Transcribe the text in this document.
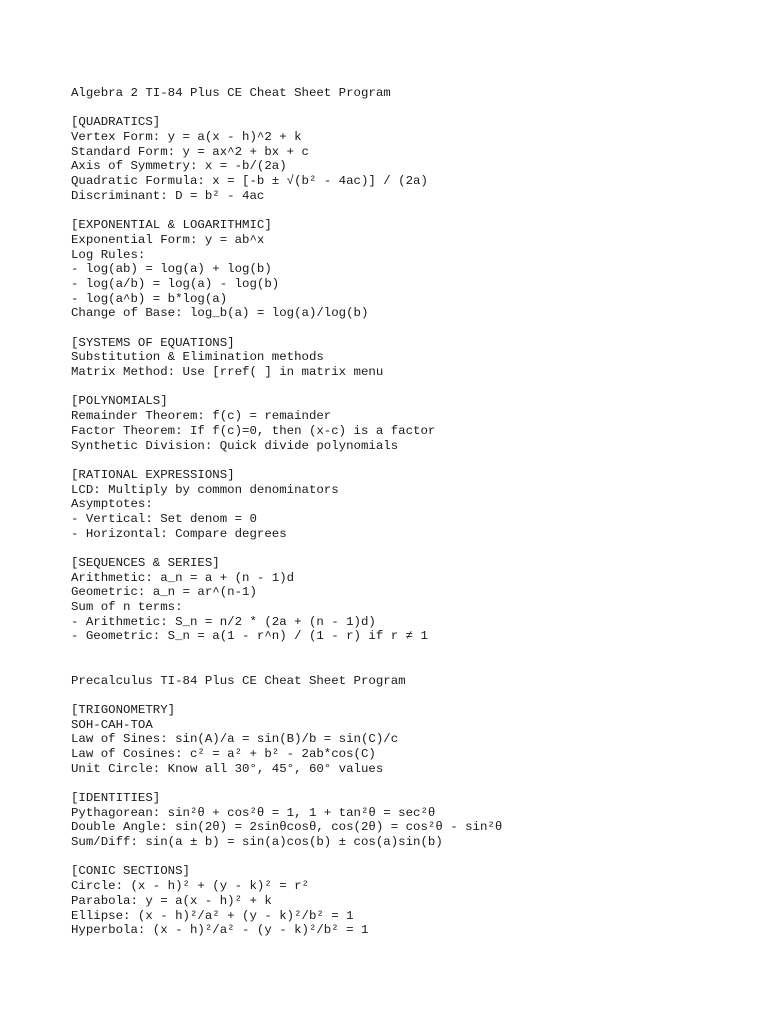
Algebra 2 TI-84 Plus CE Cheat Sheet Program
[QUADRATICS]
Vertex Form: y = a(x - h)^2 + k
Standard Form: y = ax^2 + bx + c
Axis of Symmetry: x = -b/(2a)
Quadratic Formula: x = [-b ± √(b² - 4ac)] / (2a)
Discriminant: D = b² - 4ac
[EXPONENTIAL & LOGARITHMIC]
Exponential Form: y = ab^x
Log Rules:
- log(ab) = log(a) + log(b)
- log(a/b) = log(a) - log(b)
- log(a^b) = b*log(a)
Change of Base: log_b(a) = log(a)/log(b)
[SYSTEMS OF EQUATIONS]
Substitution & Elimination methods
Matrix Method: Use [rref( ] in matrix menu
[POLYNOMIALS]
Remainder Theorem: f(c) = remainder
Factor Theorem: If f(c)=0, then (x-c) is a factor
Synthetic Division: Quick divide polynomials
[RATIONAL EXPRESSIONS]
LCD: Multiply by common denominators
Asymptotes:
- Vertical: Set denom = 0
- Horizontal: Compare degrees
[SEQUENCES & SERIES]
Arithmetic: a_n = a + (n - 1)d
Geometric: a_n = ar^(n-1)
Sum of n terms:
- Arithmetic: S_n = n/2 * (2a + (n - 1)d)
- Geometric: S_n = a(1 - r^n) / (1 - r) if r ≠ 1
Precalculus TI-84 Plus CE Cheat Sheet Program
[TRIGONOMETRY]
SOH-CAH-TOA
Law of Sines: sin(A)/a = sin(B)/b = sin(C)/c
Law of Cosines: c² = a² + b² - 2ab*cos(C)
Unit Circle: Know all 30°, 45°, 60° values
[IDENTITIES]
Pythagorean: sin²θ + cos²θ = 1, 1 + tan²θ = sec²θ
Double Angle: sin(2θ) = 2sinθcosθ, cos(2θ) = cos²θ - sin²θ
Sum/Diff: sin(a ± b) = sin(a)cos(b) ± cos(a)sin(b)
[CONIC SECTIONS]
Circle: (x - h)² + (y - k)² = r²
Parabola: y = a(x - h)² + k
Ellipse: (x - h)²/a² + (y - k)²/b² = 1
Hyperbola: (x - h)²/a² - (y - k)²/b² = 1
